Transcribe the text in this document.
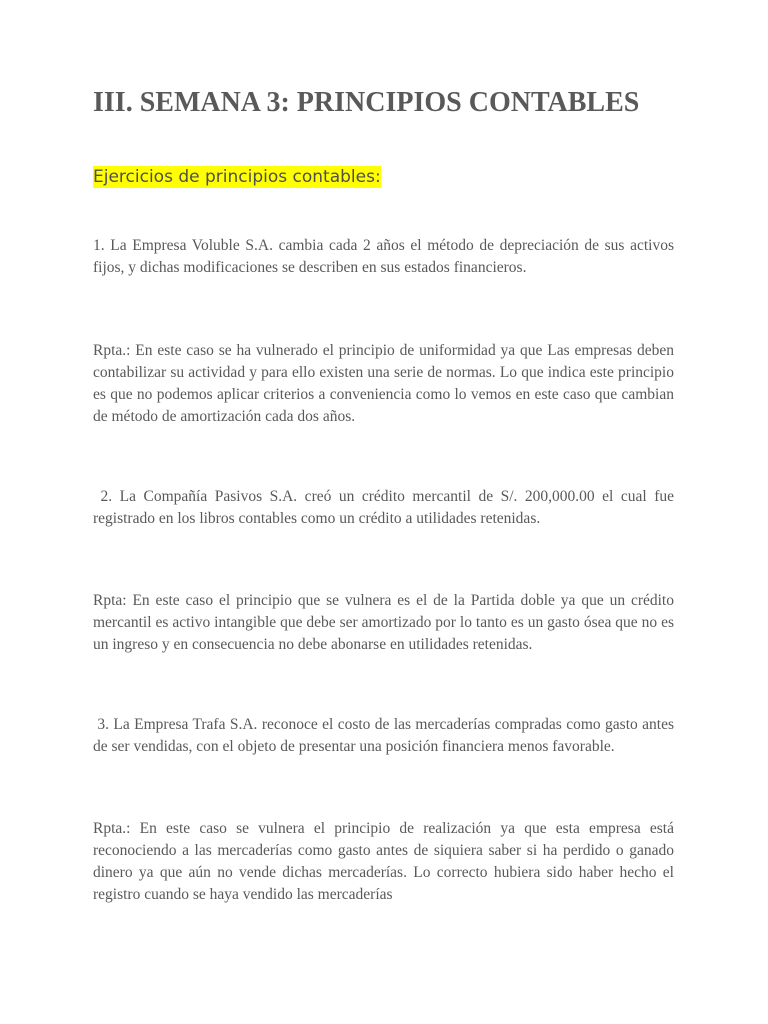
III. SEMANA 3: PRINCIPIOS CONTABLES

Ejercicios de principios contables:

1. La Empresa Voluble S.A. cambia cada 2 años el método de depreciación de sus activos fijos, y dichas modificaciones se describen en sus estados financieros.

Rpta.: En este caso se ha vulnerado el principio de uniformidad ya que Las empresas deben contabilizar su actividad y para ello existen una serie de normas. Lo que indica este principio es que no podemos aplicar criterios a conveniencia como lo vemos en este caso que cambian de método de amortización cada dos años.

2. La Compañía Pasivos S.A. creó un crédito mercantil de S/. 200,000.00 el cual fue registrado en los libros contables como un crédito a utilidades retenidas.

Rpta: En este caso el principio que se vulnera es el de la Partida doble ya que un crédito mercantil es activo intangible que debe ser amortizado por lo tanto es un gasto ósea que no es un ingreso y en consecuencia no debe abonarse en utilidades retenidas.

3. La Empresa Trafa S.A. reconoce el costo de las mercaderías compradas como gasto antes de ser vendidas, con el objeto de presentar una posición financiera menos favorable.

Rpta.: En este caso se vulnera el principio de realización ya que esta empresa está reconociendo a las mercaderías como gasto antes de siquiera saber si ha perdido o ganado dinero ya que aún no vende dichas mercaderías. Lo correcto hubiera sido haber hecho el registro cuando se haya vendido las mercaderías
